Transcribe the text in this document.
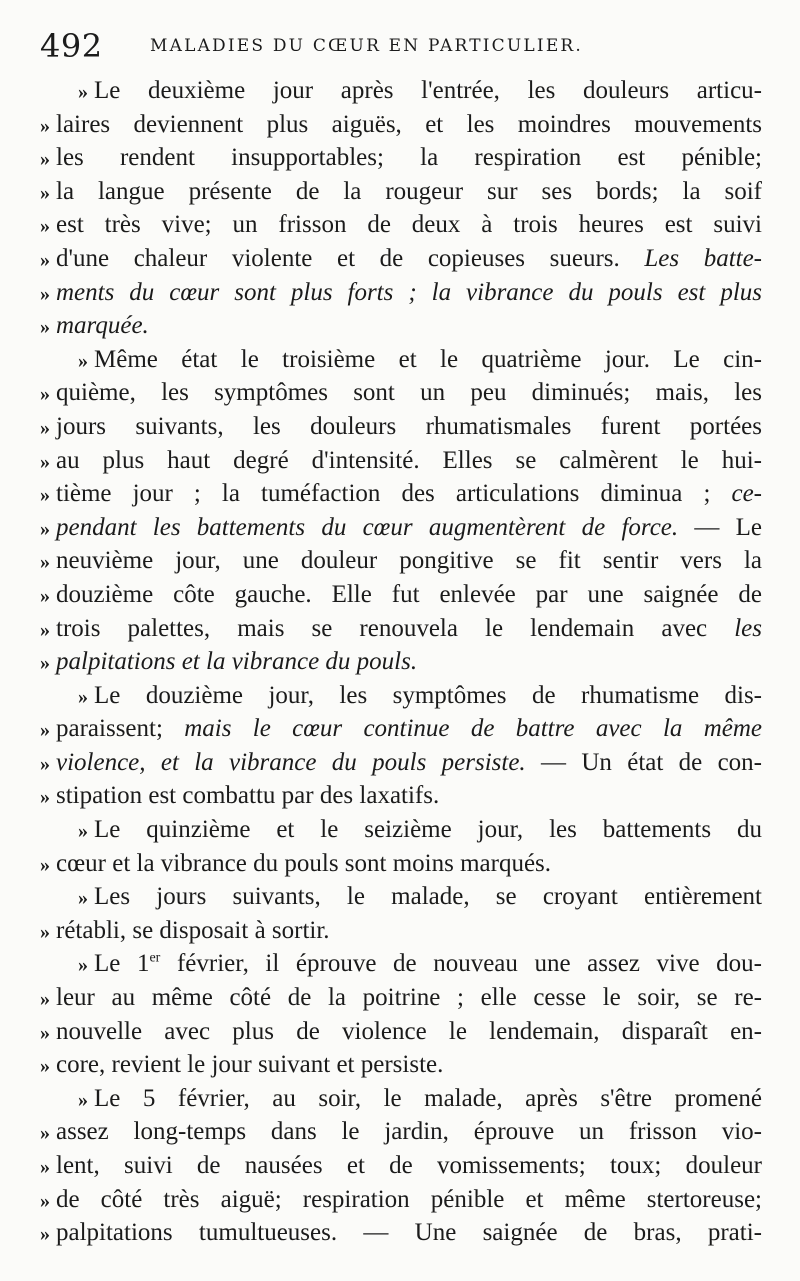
492	MALADIES DU CŒUR EN PARTICULIER.
» Le deuxième jour après l'entrée, les douleurs articu-
» laires deviennent plus aiguës, et les moindres mouvements
» les rendent insupportables; la respiration est pénible;
» la langue présente de la rougeur sur ses bords; la soif
» est très vive; un frisson de deux à trois heures est suivi
» d'une chaleur violente et de copieuses sueurs. Les batte-
» ments du cœur sont plus forts ; la vibrance du pouls est plus
» marquée.
» Même état le troisième et le quatrième jour. Le cin-
» quième, les symptômes sont un peu diminués; mais, les
» jours suivants, les douleurs rhumatismales furent portées
» au plus haut degré d'intensité. Elles se calmèrent le hui-
» tième jour ; la tuméfaction des articulations diminua ; ce-
» pendant les battements du cœur augmentèrent de force. — Le
» neuvième jour, une douleur pongitive se fit sentir vers la
» douzième côte gauche. Elle fut enlevée par une saignée de
» trois palettes, mais se renouvela le lendemain avec les
» palpitations et la vibrance du pouls.
» Le douzième jour, les symptômes de rhumatisme dis-
» paraissent; mais le cœur continue de battre avec la même
» violence, et la vibrance du pouls persiste. — Un état de con-
» stipation est combattu par des laxatifs.
» Le quinzième et le seizième jour, les battements du
» cœur et la vibrance du pouls sont moins marqués.
» Les jours suivants, le malade, se croyant entièrement
» rétabli, se disposait à sortir.
» Le 1er février, il éprouve de nouveau une assez vive dou-
» leur au même côté de la poitrine ; elle cesse le soir, se re-
» nouvelle avec plus de violence le lendemain, disparaît en-
» core, revient le jour suivant et persiste.
» Le 5 février, au soir, le malade, après s'être promené
» assez long-temps dans le jardin, éprouve un frisson vio-
» lent, suivi de nausées et de vomissements; toux; douleur
» de côté très aiguë; respiration pénible et même stertoreuse;
» palpitations tumultueuses. — Une saignée de bras, prati-
